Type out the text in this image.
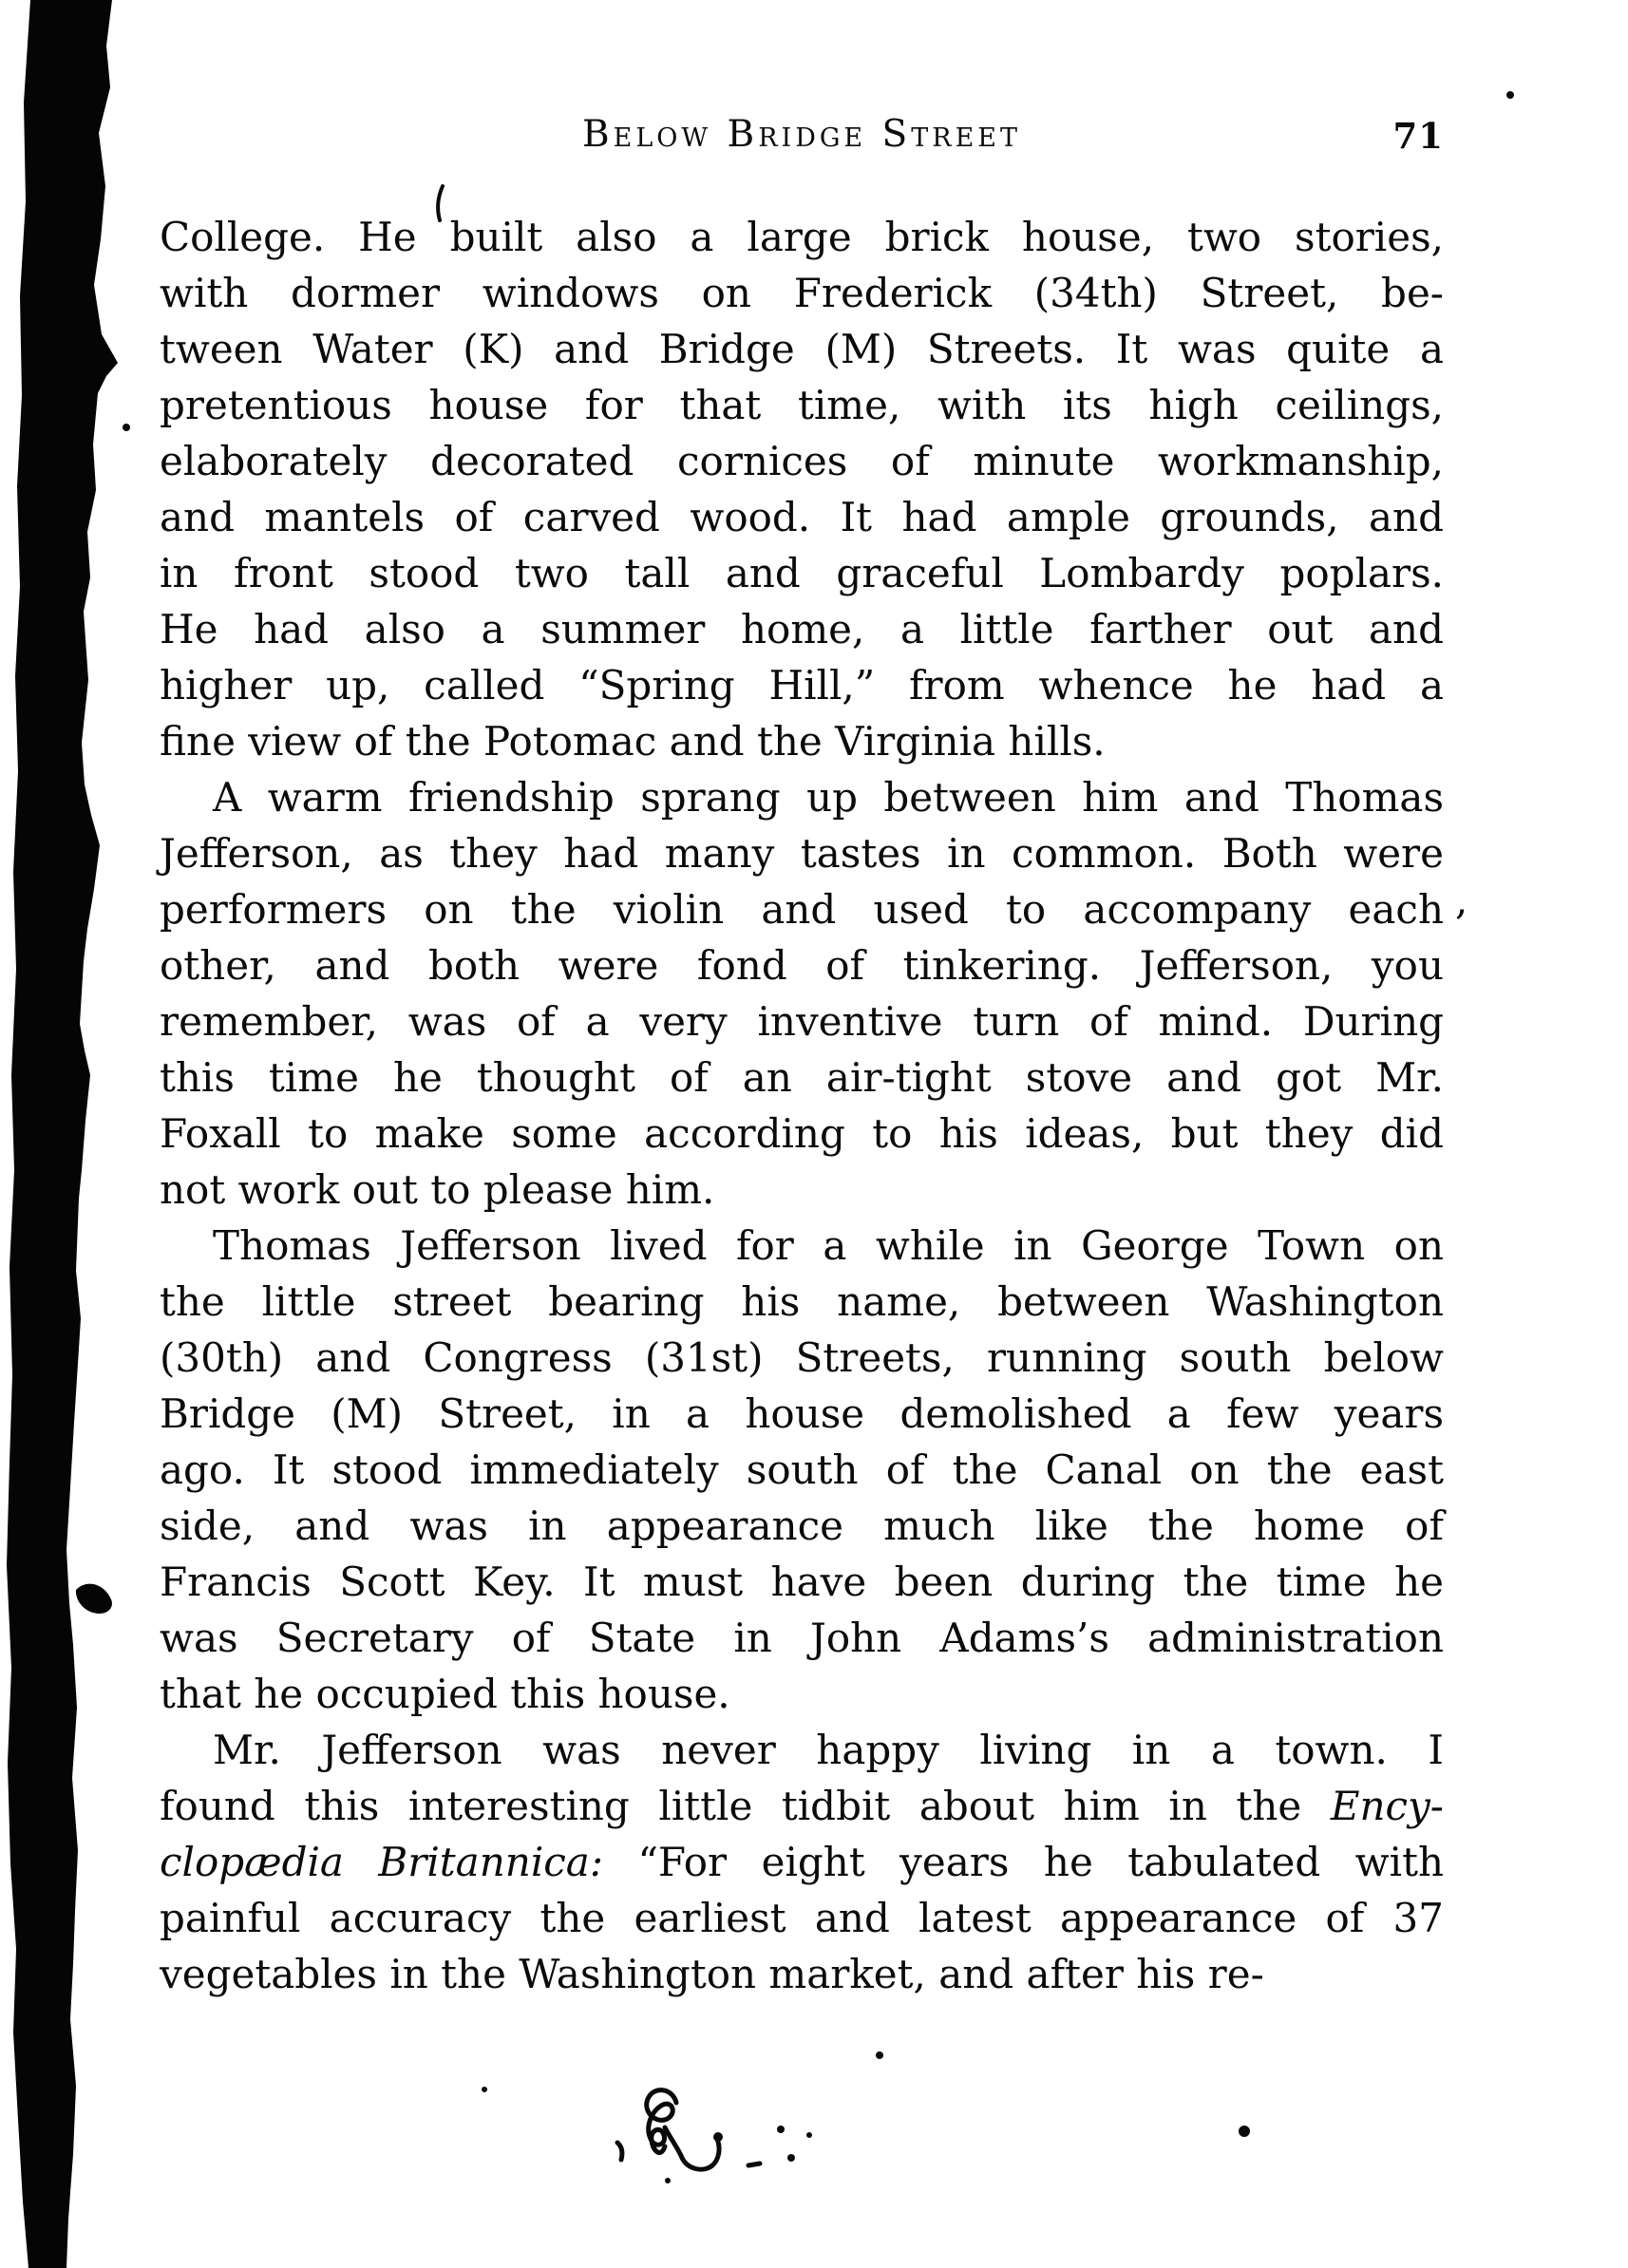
Below Bridge Street	71
College. He built also a large brick house, two stories,
with dormer windows on Frederick (34th) Street, be-
tween Water (K) and Bridge (M) Streets. It was quite a
pretentious house for that time, with its high ceilings,
elaborately decorated cornices of minute workmanship,
and mantels of carved wood. It had ample grounds, and
in front stood two tall and graceful Lombardy poplars.
He had also a summer home, a little farther out and
higher up, called “Spring Hill,” from whence he had a
fine view of the Potomac and the Virginia hills.
A warm friendship sprang up between him and Thomas
Jefferson, as they had many tastes in common. Both were
performers on the violin and used to accompany each
other, and both were fond of tinkering. Jefferson, you
remember, was of a very inventive turn of mind. During
this time he thought of an air-tight stove and got Mr.
Foxall to make some according to his ideas, but they did
not work out to please him.
Thomas Jefferson lived for a while in George Town on
the little street bearing his name, between Washington
(30th) and Congress (31st) Streets, running south below
Bridge (M) Street, in a house demolished a few years
ago. It stood immediately south of the Canal on the east
side, and was in appearance much like the home of
Francis Scott Key. It must have been during the time he
was Secretary of State in John Adams’s administration
that he occupied this house.
Mr. Jefferson was never happy living in a town. I
found this interesting little tidbit about him in the Ency-
clopædia Britannica: “For eight years he tabulated with
painful accuracy the earliest and latest appearance of 37
vegetables in the Washington market, and after his re-
,
